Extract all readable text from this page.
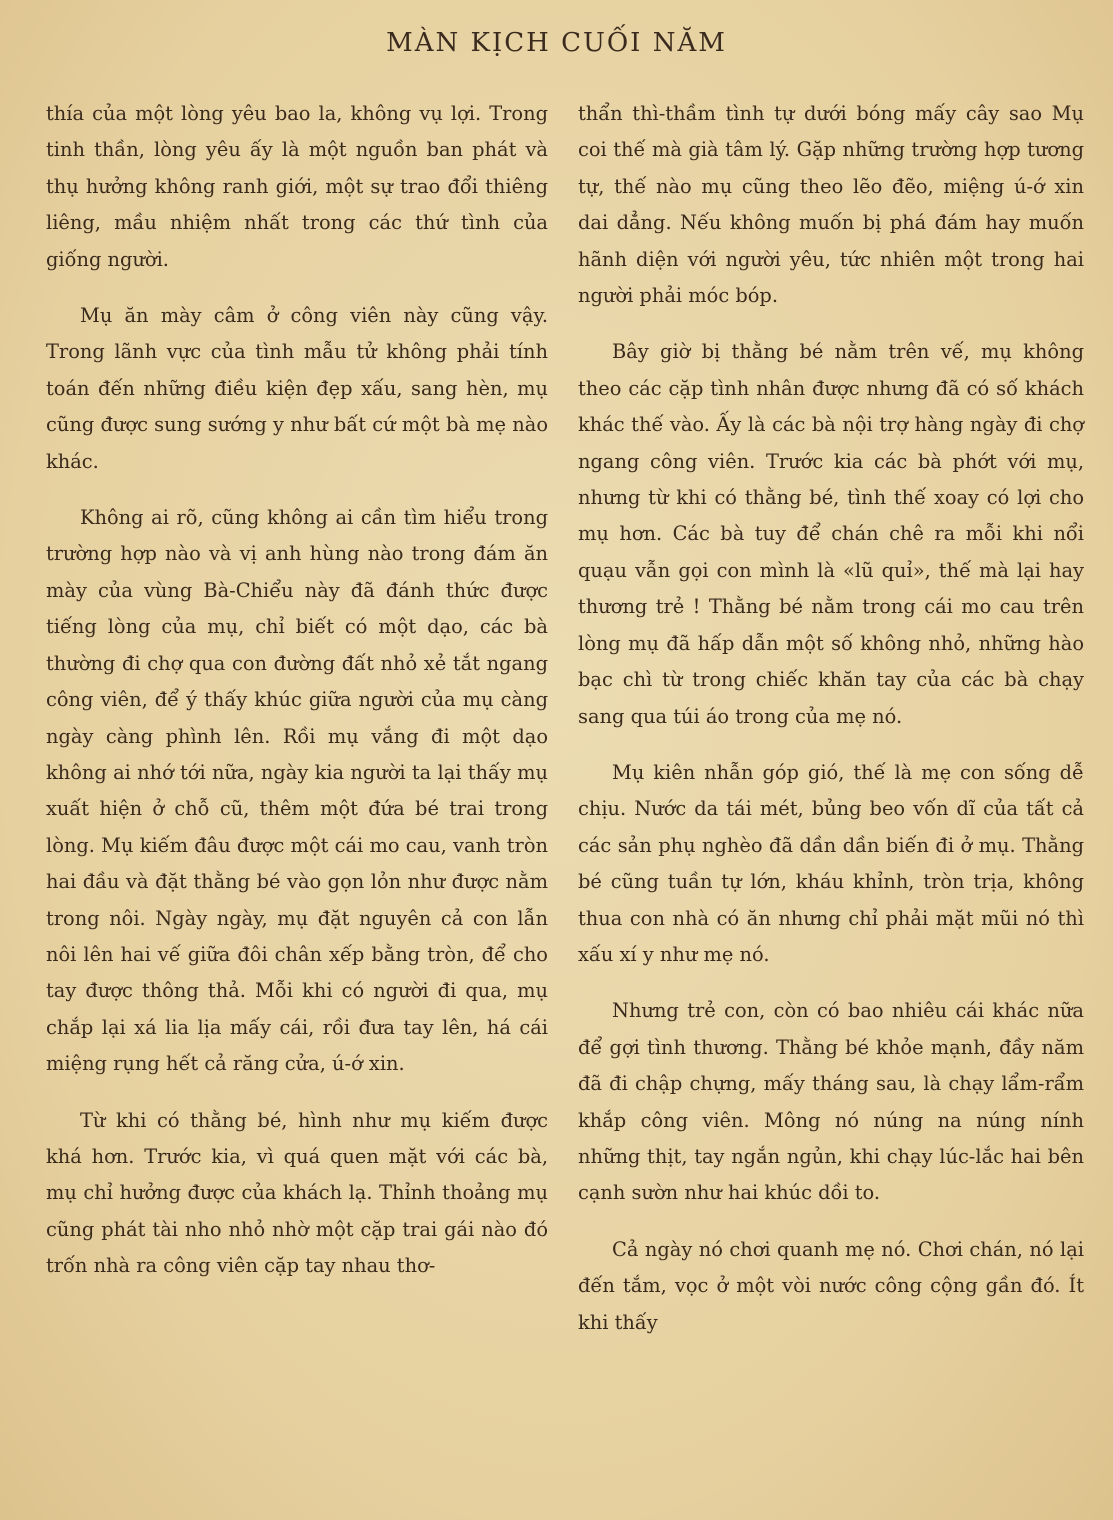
MÀN KỊCH CUỐI NĂM

thía của một lòng yêu bao la, không vụ lợi. Trong tinh thần, lòng yêu ấy là một nguồn ban phát và thụ hưởng không ranh giới, một sự trao đổi thiêng liêng, mầu nhiệm nhất trong các thứ tình của giống người.

Mụ ăn mày câm ở công viên này cũng vậy. Trong lãnh vực của tình mẫu tử không phải tính toán đến những điều kiện đẹp xấu, sang hèn, mụ cũng được sung sướng y như bất cứ một bà mẹ nào khác.

Không ai rõ, cũng không ai cần tìm hiểu trong trường hợp nào và vị anh hùng nào trong đám ăn mày của vùng Bà-Chiểu này đã đánh thức được tiếng lòng của mụ, chỉ biết có một dạo, các bà thường đi chợ qua con đường đất nhỏ xẻ tắt ngang công viên, để ý thấy khúc giữa người của mụ càng ngày càng phình lên. Rồi mụ vắng đi một dạo không ai nhớ tới nữa, ngày kia người ta lại thấy mụ xuất hiện ở chỗ cũ, thêm một đứa bé trai trong lòng. Mụ kiếm đâu được một cái mo cau, vanh tròn hai đầu và đặt thằng bé vào gọn lỏn như được nằm trong nôi. Ngày ngày, mụ đặt nguyên cả con lẫn nôi lên hai vế giữa đôi chân xếp bằng tròn, để cho tay được thông thả. Mỗi khi có người đi qua, mụ chắp lại xá lia lịa mấy cái, rồi đưa tay lên, há cái miệng rụng hết cả răng cửa, ú-ớ xin.

Từ khi có thằng bé, hình như mụ kiếm được khá hơn. Trước kia, vì quá quen mặt với các bà, mụ chỉ hưởng được của khách lạ. Thỉnh thoảng mụ cũng phát tài nho nhỏ nhờ một cặp trai gái nào đó trốn nhà ra công viên cặp tay nhau thơ-

thẩn thì-thầm tình tự dưới bóng mấy cây sao Mụ coi thế mà già tâm lý. Gặp những trường hợp tương tự, thế nào mụ cũng theo lẽo đẽo, miệng ú-ớ xin dai dẳng. Nếu không muốn bị phá đám hay muốn hãnh diện với người yêu, tức nhiên một trong hai người phải móc bóp.

Bây giờ bị thằng bé nằm trên vế, mụ không theo các cặp tình nhân được nhưng đã có số khách khác thế vào. Ấy là các bà nội trợ hàng ngày đi chợ ngang công viên. Trước kia các bà phớt với mụ, nhưng từ khi có thằng bé, tình thế xoay có lợi cho mụ hơn. Các bà tuy để chán chê ra mỗi khi nổi quạu vẫn gọi con mình là «lũ quỉ», thế mà lại hay thương trẻ ! Thằng bé nằm trong cái mo cau trên lòng mụ đã hấp dẫn một số không nhỏ, những hào bạc chì từ trong chiếc khăn tay của các bà chạy sang qua túi áo trong của mẹ nó.

Mụ kiên nhẫn góp gió, thế là mẹ con sống dễ chịu. Nước da tái mét, bủng beo vốn dĩ của tất cả các sản phụ nghèo đã dần dần biến đi ở mụ. Thằng bé cũng tuần tự lớn, kháu khỉnh, tròn trịa, không thua con nhà có ăn nhưng chỉ phải mặt mũi nó thì xấu xí y như mẹ nó.

Nhưng trẻ con, còn có bao nhiêu cái khác nữa để gợi tình thương. Thằng bé khỏe mạnh, đầy năm đã đi chập chựng, mấy tháng sau, là chạy lẩm-rẩm khắp công viên. Mông nó núng na núng nính những thịt, tay ngắn ngủn, khi chạy lúc-lắc hai bên cạnh sườn như hai khúc dồi to.

Cả ngày nó chơi quanh mẹ nó. Chơi chán, nó lại đến tắm, vọc ở một vòi nước công cộng gần đó. Ít khi thấy
